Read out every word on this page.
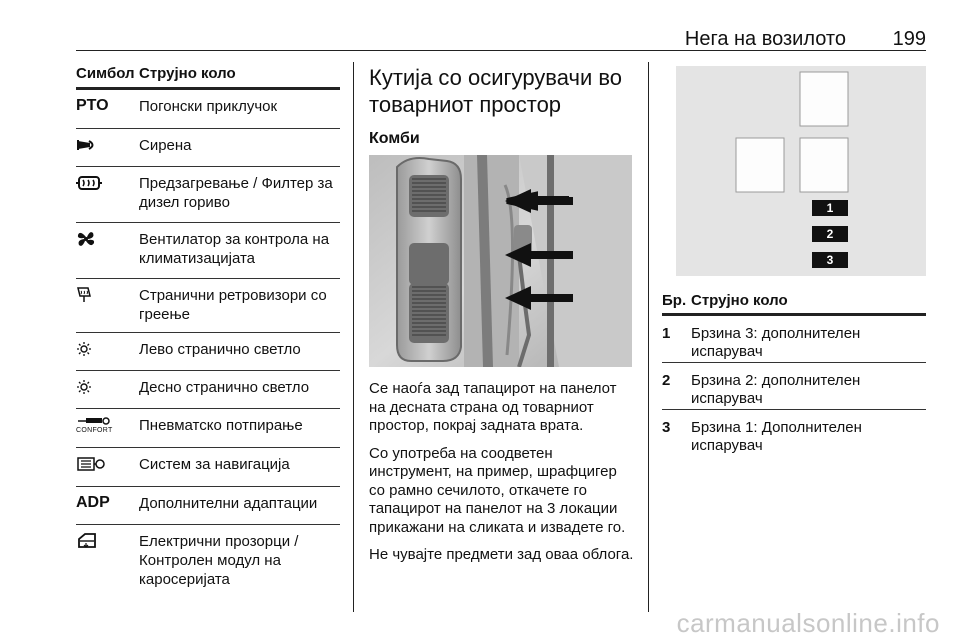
Нега на возилото 199
Симбол Струјно коло
PTO Погонски приклучок
Сирена
Предзагревање / Филтер за дизел гориво
Вентилатор за контрола на климатизацијата
Странични ретровизори со греење
Лево странично светло
Десно странично светло
CONFORT Пневматско потпирање
Систем за навигација
ADP Дополнителни адаптации
Електрични прозорци / Контролен модул на каросеријата
Кутија со осигурувачи во товарниот простор
Комби

Се наоѓа зад тапацирот на панелот на десната страна од товарниот простор, покрај задната врата.

Со употреба на соодветен инструмент, на пример, шрафцигер со рамно сечилото, откачете го тапацирот на панелот на 3 локации прикажани на сликата и извадете го.

Не чувајте предмети зад оваа облога.

1
2
3
Бр. Струјно коло
1	Брзина 3: дополнителен испарувач
2	Брзина 2: дополнителен испарувач
3	Брзина 1: Дополнителен испарувач
carmanualsonline.info
